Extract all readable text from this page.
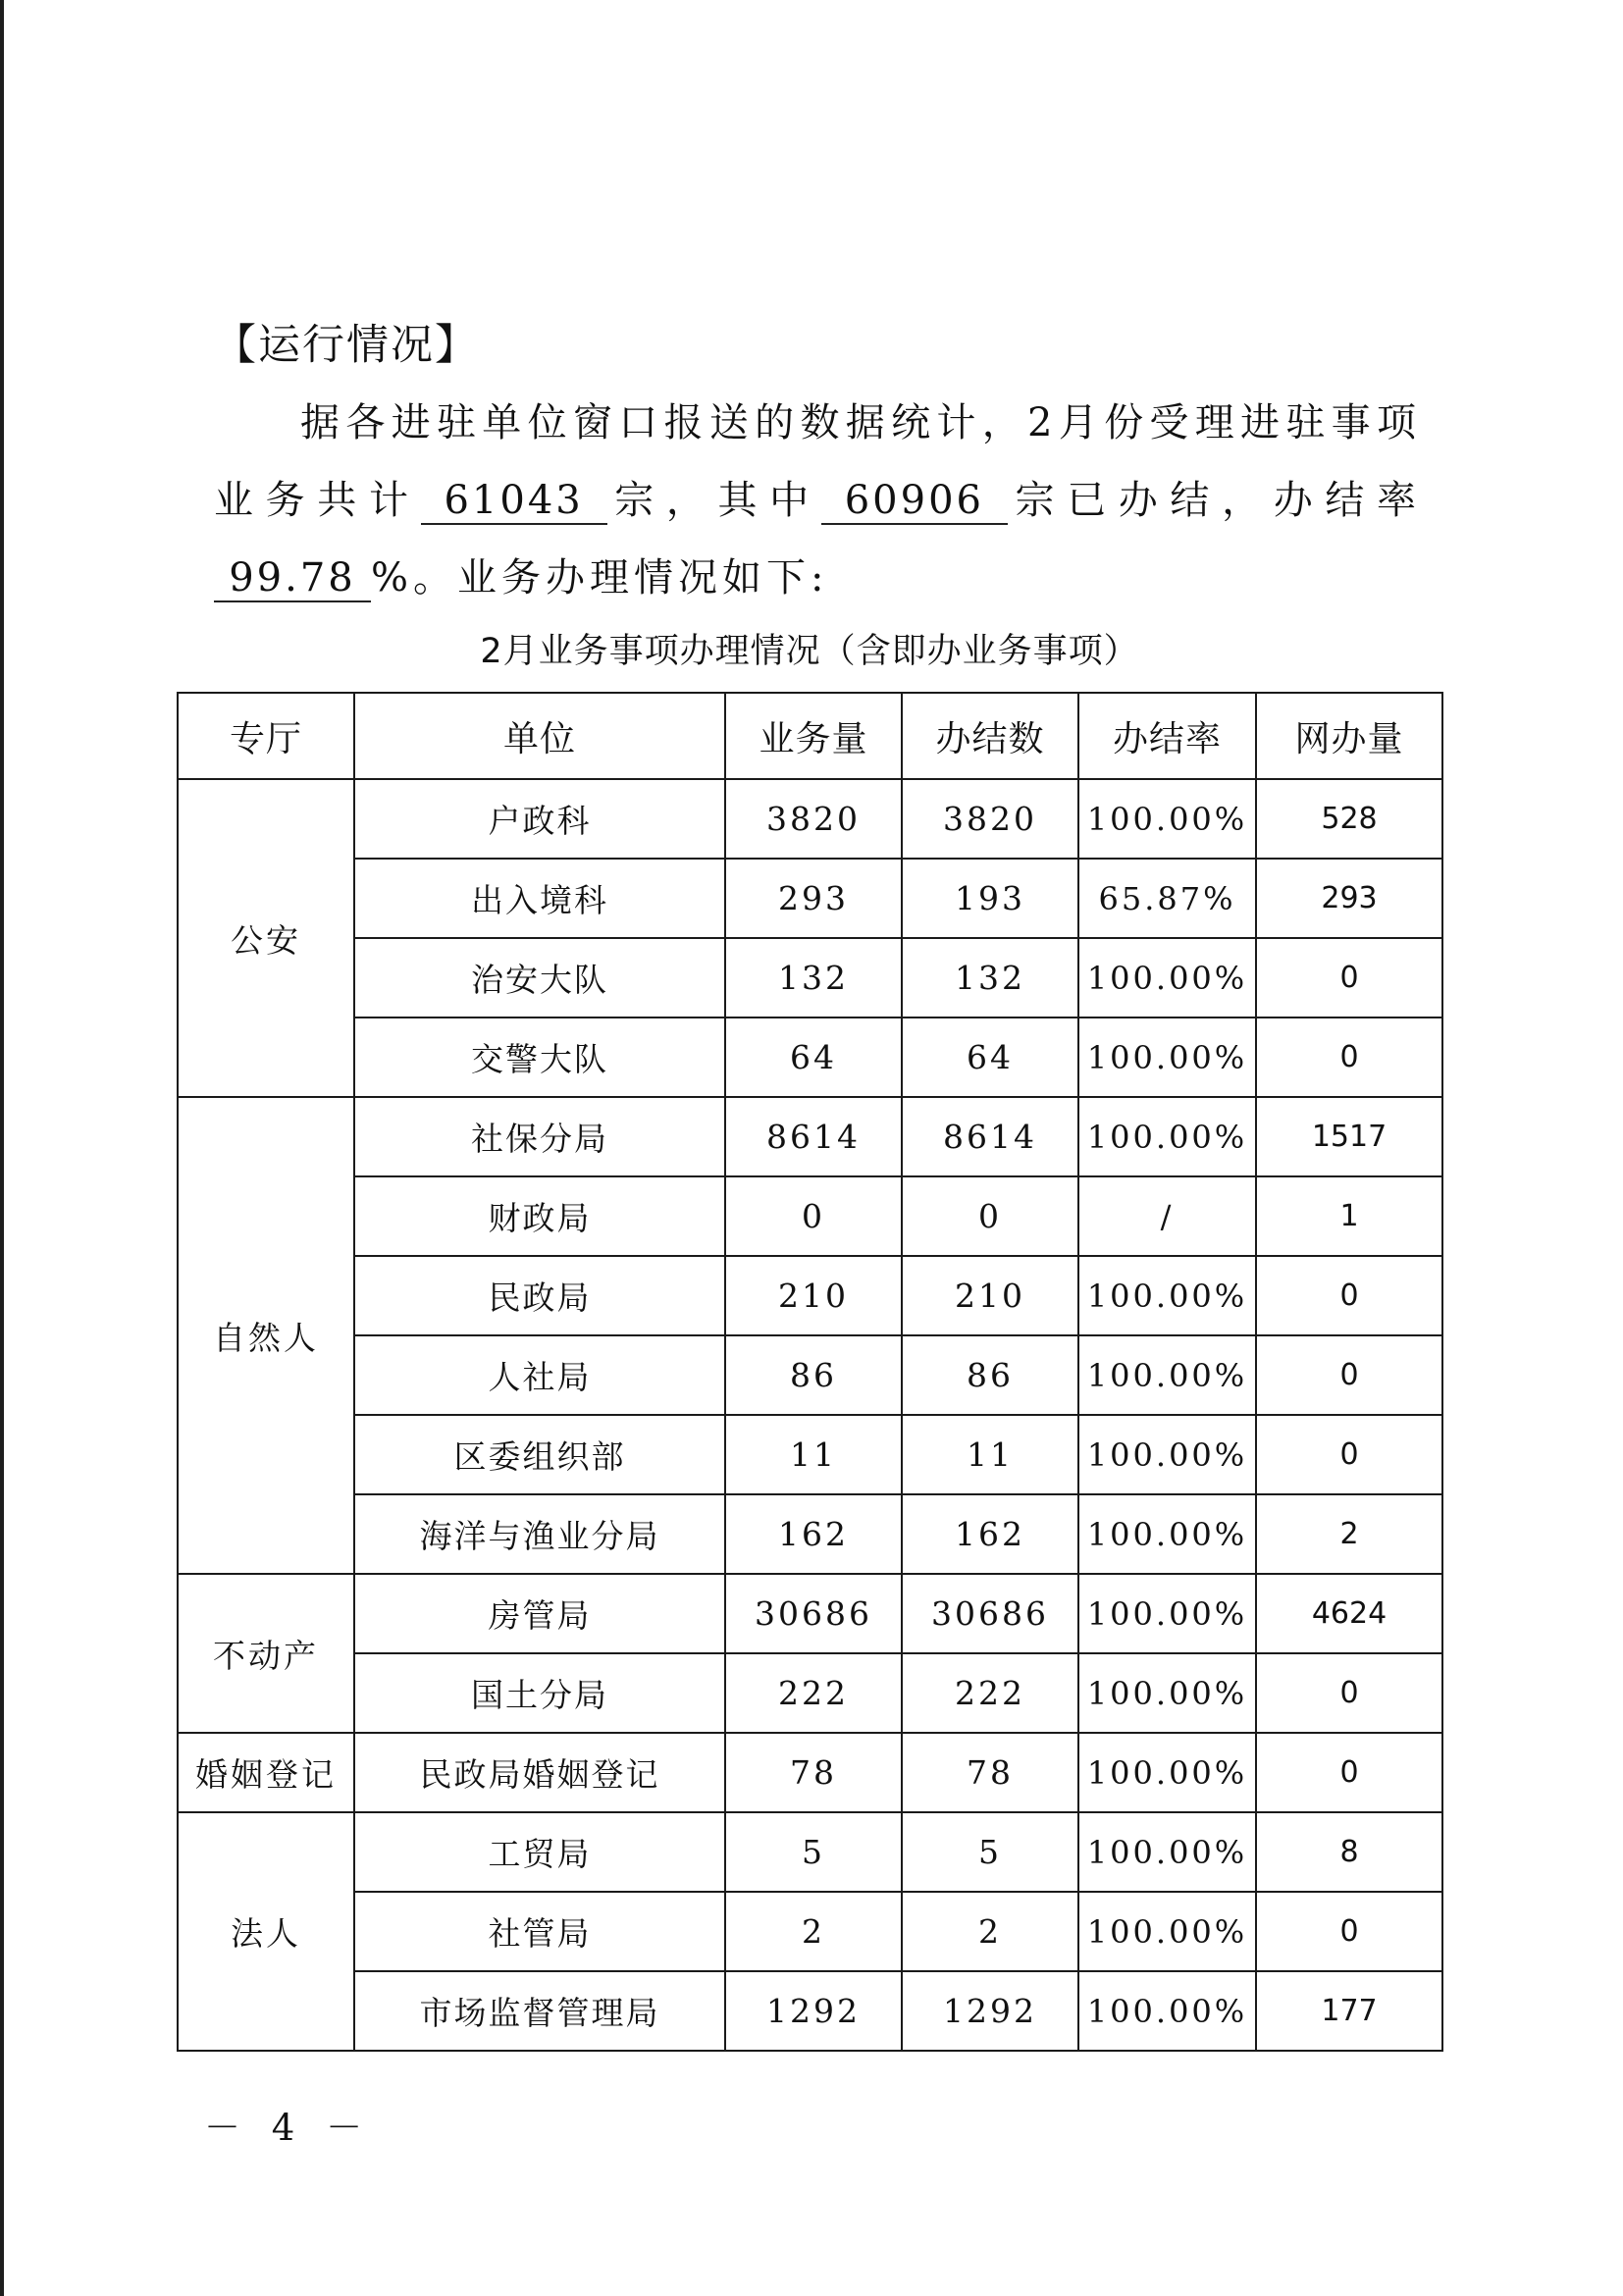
【运行情况】

据各进驻单位窗口报送的数据统计，2月份受理进驻事项业务共计 61043 宗，其中 60906 宗已办结，办结率99.78 %。业务办理情况如下:

2月业务事项办理情况（含即办业务事项）
专厅	单位	业务量	办结数	办结率	网办量
公安	户政科	3820	3820	100.00%	528
	出入境科	293	193	65.87%	293
	治安大队	132	132	100.00%	0
	交警大队	64	64	100.00%	0
自然人	社保分局	8614	8614	100.00%	1517
	财政局	0	0	/	1
	民政局	210	210	100.00%	0
	人社局	86	86	100.00%	0
	区委组织部	11	11	100.00%	0
	海洋与渔业分局	162	162	100.00%	2
不动产	房管局	30686	30686	100.00%	4624
	国土分局	222	222	100.00%	0
婚姻登记	民政局婚姻登记	78	78	100.00%	0
法人	工贸局	5	5	100.00%	8
	社管局	2	2	100.00%	0
	市场监督管理局	1292	1292	100.00%	177
－ 4 －
